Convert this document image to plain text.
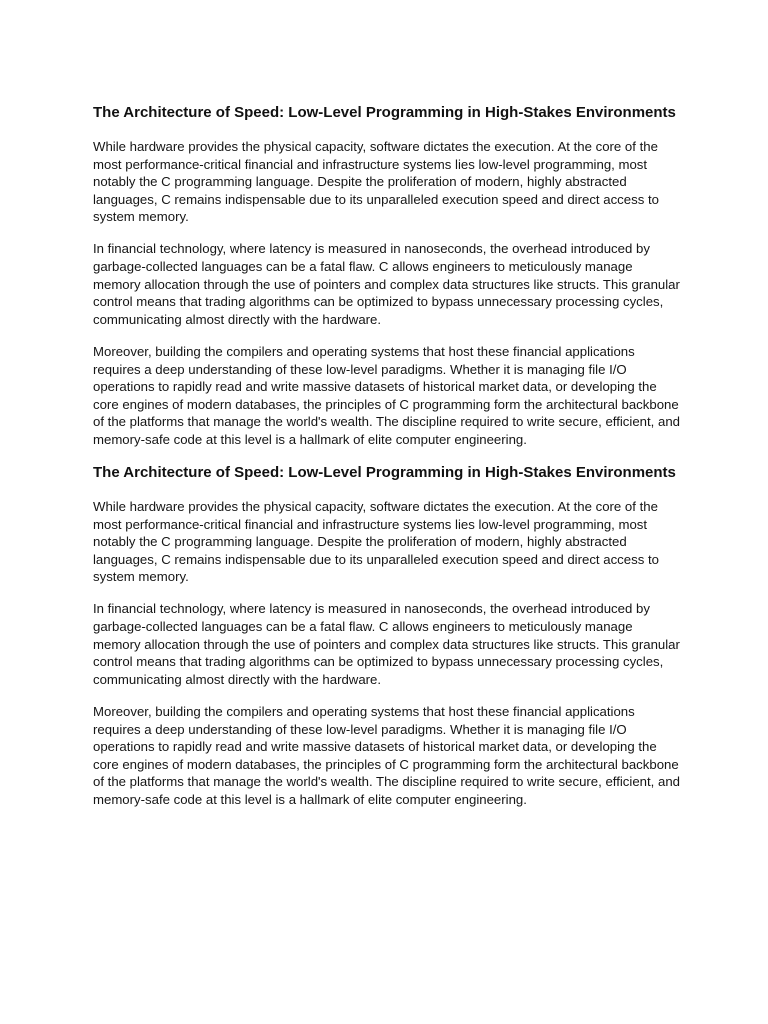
The Architecture of Speed: Low-Level Programming in High-Stakes Environments

While hardware provides the physical capacity, software dictates the execution. At the core of the most performance-critical financial and infrastructure systems lies low-level programming, most notably the C programming language. Despite the proliferation of modern, highly abstracted languages, C remains indispensable due to its unparalleled execution speed and direct access to system memory.

In financial technology, where latency is measured in nanoseconds, the overhead introduced by garbage-collected languages can be a fatal flaw. C allows engineers to meticulously manage memory allocation through the use of pointers and complex data structures like structs. This granular control means that trading algorithms can be optimized to bypass unnecessary processing cycles, communicating almost directly with the hardware.

Moreover, building the compilers and operating systems that host these financial applications requires a deep understanding of these low-level paradigms. Whether it is managing file I/O operations to rapidly read and write massive datasets of historical market data, or developing the core engines of modern databases, the principles of C programming form the architectural backbone of the platforms that manage the world's wealth. The discipline required to write secure, efficient, and memory-safe code at this level is a hallmark of elite computer engineering.

The Architecture of Speed: Low-Level Programming in High-Stakes Environments

While hardware provides the physical capacity, software dictates the execution. At the core of the most performance-critical financial and infrastructure systems lies low-level programming, most notably the C programming language. Despite the proliferation of modern, highly abstracted languages, C remains indispensable due to its unparalleled execution speed and direct access to system memory.

In financial technology, where latency is measured in nanoseconds, the overhead introduced by garbage-collected languages can be a fatal flaw. C allows engineers to meticulously manage memory allocation through the use of pointers and complex data structures like structs. This granular control means that trading algorithms can be optimized to bypass unnecessary processing cycles, communicating almost directly with the hardware.

Moreover, building the compilers and operating systems that host these financial applications requires a deep understanding of these low-level paradigms. Whether it is managing file I/O operations to rapidly read and write massive datasets of historical market data, or developing the core engines of modern databases, the principles of C programming form the architectural backbone of the platforms that manage the world's wealth. The discipline required to write secure, efficient, and memory-safe code at this level is a hallmark of elite computer engineering.
